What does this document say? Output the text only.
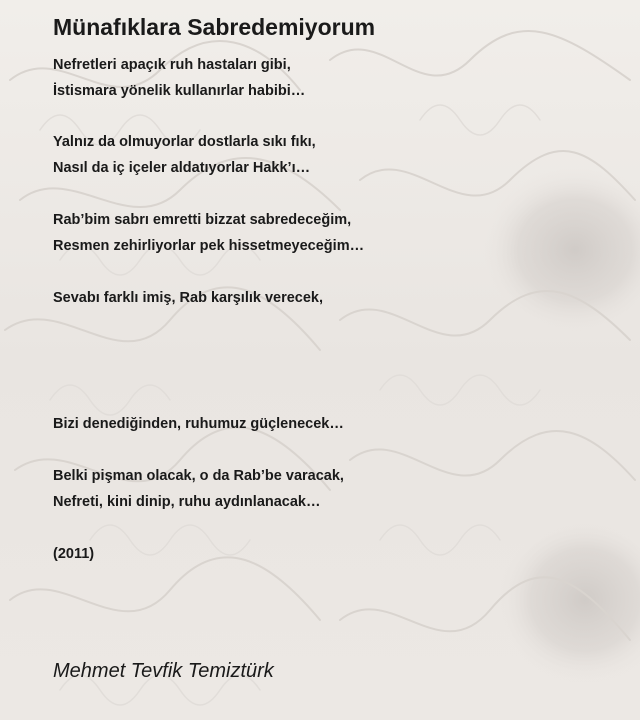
Münafıklara Sabredemiyorum
Nefretleri apaçık ruh hastaları gibi,
İstismara yönelik kullanırlar habibi…
Yalnız da olmuyorlar dostlarla sıkı fıkı,
Nasıl da iç içeler aldatıyorlar Hakk’ı…
Rab’bim sabrı emretti bizzat sabredeceğim,
Resmen zehirliyorlar pek hissetmeyeceğim…
Sevabı farklı imiş, Rab karşılık verecek,
Bizi denediğinden, ruhumuz güçlenecek…
Belki pişman olacak, o da Rab’be varacak,
Nefreti, kini dinip, ruhu aydınlanacak…
(2011)
Mehmet Tevfik Temiztürk
